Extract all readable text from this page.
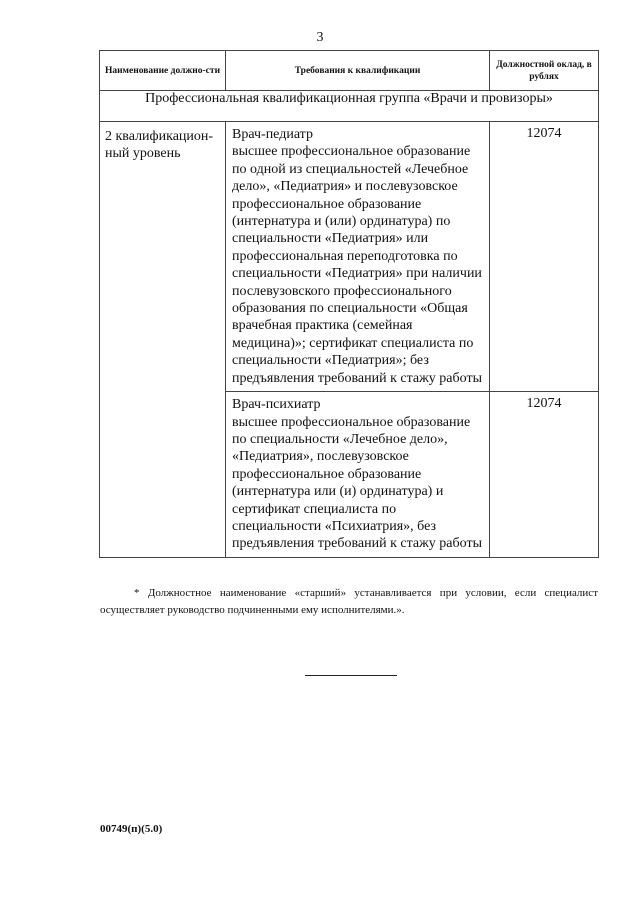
3
Наименование должно-сти	Требования к квалификации	Должностной оклад, в рублях
Профессиональная квалификационная группа «Врачи и провизоры»		
2 квалификацион-ный уровень	Врач-педиатр
высшее профессиональное образование по одной из специальностей «Лечебное дело», «Педиатрия» и послевузовское профессиональное образование (интернатура и (или) ординатура) по специальности «Педиатрия» или профессиональная переподготовка по специальности «Педиатрия» при наличии послевузовского профессионального образования по специальности «Общая врачебная практика (семейная медицина)»; сертификат специалиста по специальности «Педиатрия»; без предъявления требований к стажу работы	12074

	Врач-психиатр
высшее профессиональное образование по специальности «Лечебное дело», «Педиатрия», послевузовское профессиональное образование (интернатура или (и) ординатура) и сертификат специалиста по специальности «Психиатрия», без предъявления требований к стажу работы	12074
* Должностное наименование «старший» устанавливается при условии, если специалист осуществляет руководство подчиненными ему исполнителями.».
00749(п)(5.0)
